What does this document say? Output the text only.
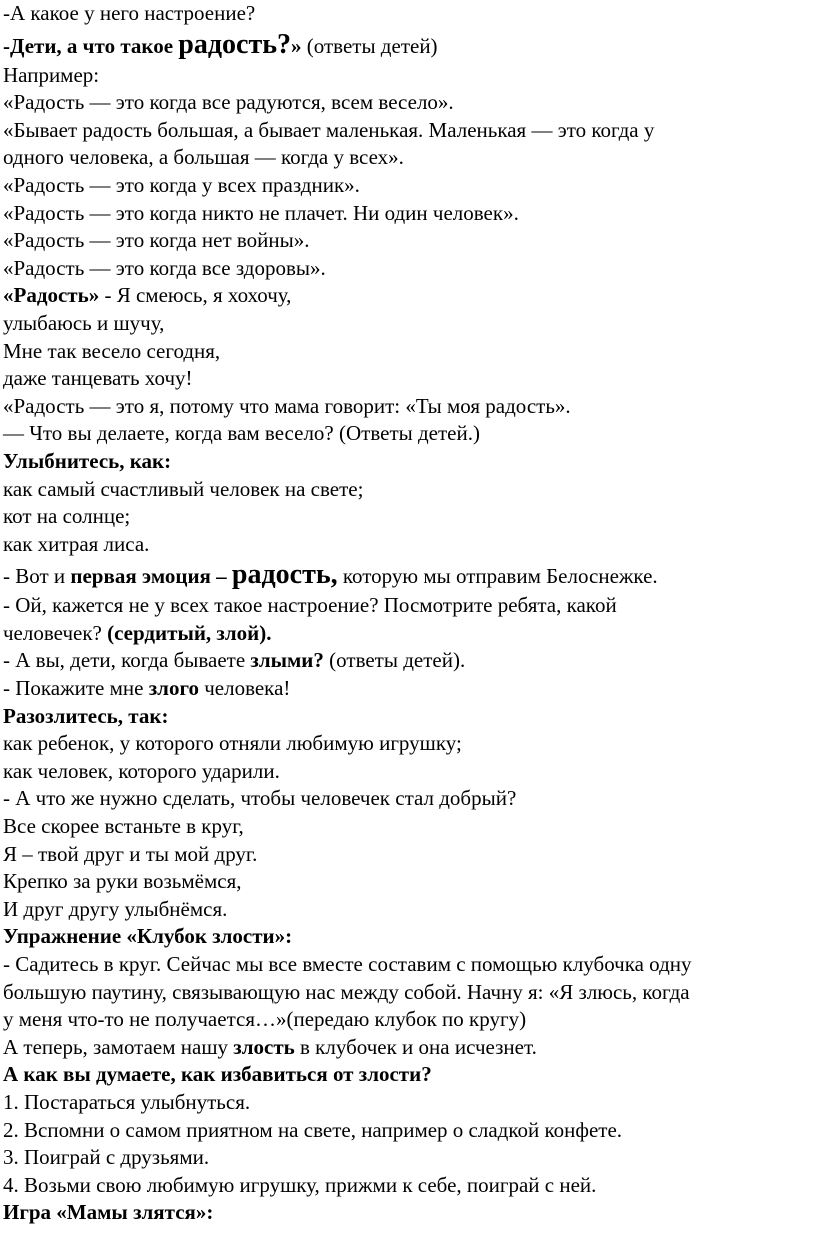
-А какое у него настроение?
-Дети, а что такое радость?» (ответы детей)
Например:
«Радость — это когда все радуются, всем весело».
«Бывает радость большая, а бывает маленькая. Маленькая — это когда у
одного человека, а большая — когда у всех».
«Радость — это когда у всех праздник».
«Радость — это когда никто не плачет. Ни один человек».
«Радость — это когда нет войны».
«Радость — это когда все здоровы».
«Радость» - Я смеюсь, я хохочу,
улыбаюсь и шучу,
Мне так весело сегодня,
даже танцевать хочу!
«Радость — это я, потому что мама говорит: «Ты моя радость».
— Что вы делаете, когда вам весело? (Ответы детей.)
Улыбнитесь, как:
как самый счастливый человек на свете;
кот на солнце;
как хитрая лиса.
- Вот и первая эмоция – радость, которую мы отправим Белоснежке.
- Ой, кажется не у всех такое настроение? Посмотрите ребята, какой
человечек? (сердитый, злой).
- А вы, дети, когда бываете злыми? (ответы детей).
- Покажите мне злого человека!
Разозлитесь, так:
как ребенок, у которого отняли любимую игрушку;
как человек, которого ударили.
- А что же нужно сделать, чтобы человечек стал добрый?
Все скорее встаньте в круг,
Я – твой друг и ты мой друг.
Крепко за руки возьмёмся,
И друг другу улыбнёмся.
Упражнение «Клубок злости»:
- Садитесь в круг. Сейчас мы все вместе составим с помощью клубочка одну
большую паутину, связывающую нас между собой. Начну я: «Я злюсь, когда
у меня что-то не получается…»(передаю клубок по кругу)
А теперь, замотаем нашу злость в клубочек и она исчезнет.
А как вы думаете, как избавиться от злости?
1. Постараться улыбнуться.
2. Вспомни о самом приятном на свете, например о сладкой конфете.
3. Поиграй с друзьями.
4. Возьми свою любимую игрушку, прижми к себе, поиграй с ней.
Игра «Мамы злятся»:
